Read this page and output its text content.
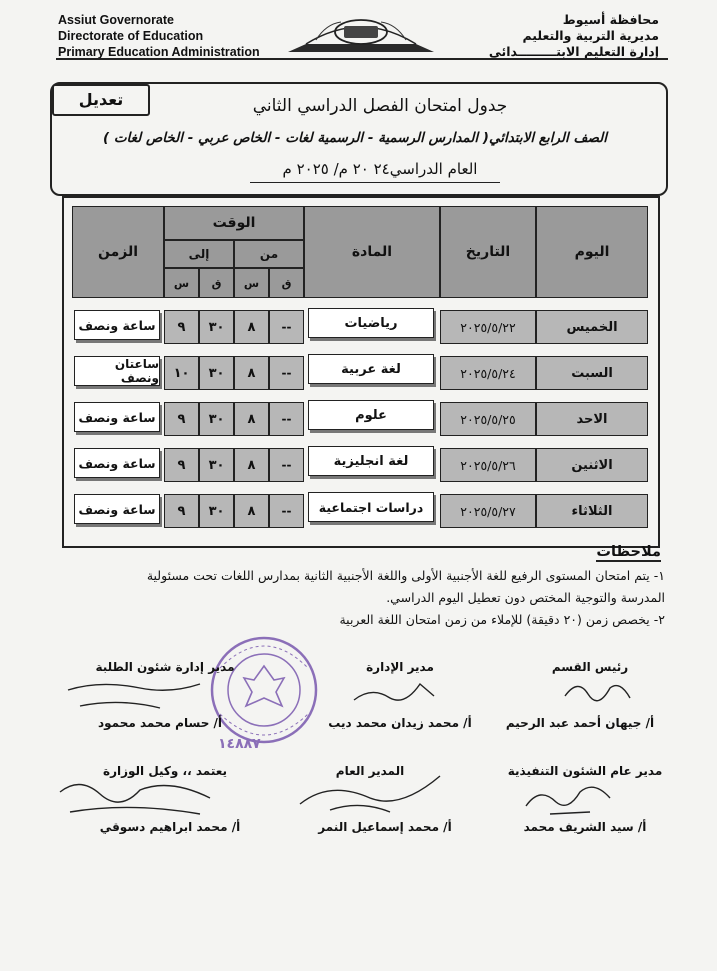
Assiut Governorate
Directorate of Education
Primary Education Administration
محافظة أسيوط
مديرية التربية والتعليم
إدارة التعليم الابتـــــــــدائي
تعديل	جدول امتحان الفصل الدراسي الثاني
الصف الرابع الابتدائي( المدارس الرسمية - الرسمية لغات - الخاص عربي - الخاص لغات )
العام الدراسي٢٤ ٢٠ م/ ٢٠٢٥ م
اليوم
التاريخ
المادة
الوقت
من
إلى
ق
س
ق
س
الزمن
الخميس
٢٠٢٥/٥/٢٢
رياضيات
--
٨
٣٠
٩
ساعة ونصف
السبت
٢٠٢٥/٥/٢٤
لغة عربية
--
٨
٣٠
١٠
ساعتان ونصف
الاحد
٢٠٢٥/٥/٢٥
علوم
--
٨
٣٠
٩
ساعة ونصف
الاثنين
٢٠٢٥/٥/٢٦
لغة انجليزية
--
٨
٣٠
٩
ساعة ونصف
الثلاثاء
٢٠٢٥/٥/٢٧
دراسات اجتماعية
--
٨
٣٠
٩
ساعة ونصف
ملاحظات
١- يتم امتحان المستوى الرفيع للغة الأجنبية الأولى واللغة الأجنبية الثانية بمدارس اللغات تحت مسئولية
المدرسة والتوجية المختص دون تعطيل اليوم الدراسي.
٢- يخصص زمن (٢٠ دقيقة) للإملاء من زمن امتحان اللغة العربية
١٤٨٨٧
رئيس القسم
أ/ جيهان أحمد عبد الرحيم
مدير الإدارة
أ/ محمد زيدان محمد ديب
مدير إدارة شئون الطلبة
أ/ حسام محمد محمود
مدير عام الشئون التنفيذية
أ/ سيد الشريف محمد
المدير العام
أ/ محمد إسماعيل النمر
يعتمد ،، وكيل الوزارة
أ/ محمد ابراهيم دسوقي
